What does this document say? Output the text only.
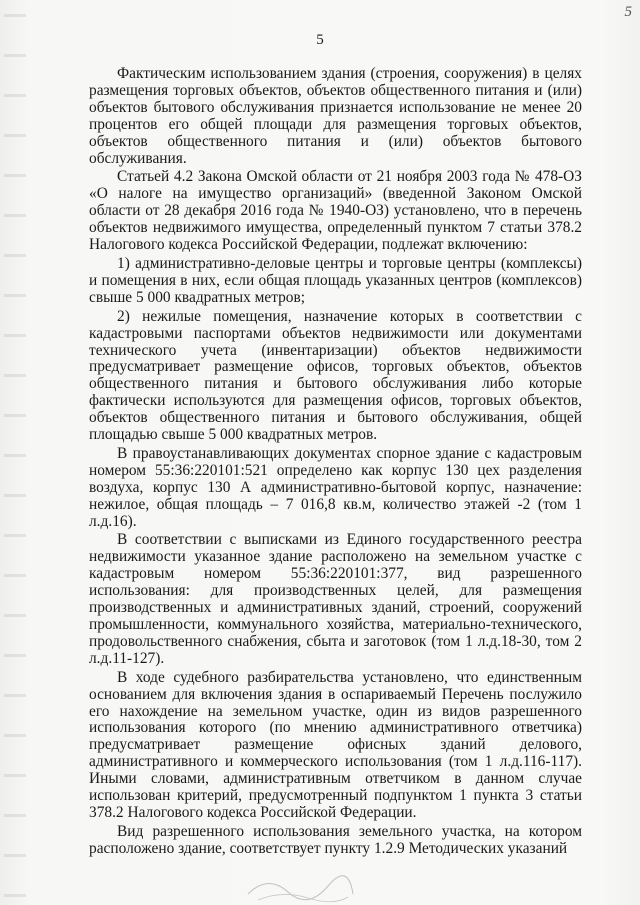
5
5

Фактическим использованием здания (строения, сооружения) в целях размещения торговых объектов, объектов общественного питания и (или) объектов бытового обслуживания признается использование не менее 20 процентов его общей площади для размещения торговых объектов, объектов общественного питания и (или) объектов бытового обслуживания.

Статьей 4.2 Закона Омской области от 21 ноября 2003 года № 478-ОЗ «О налоге на имущество организаций» (введенной Законом Омской области от 28 декабря 2016 года № 1940-ОЗ) установлено, что в перечень объектов недвижимого имущества, определенный пунктом 7 статьи 378.2 Налогового кодекса Российской Федерации, подлежат включению:

1) административно-деловые центры и торговые центры (комплексы) и помещения в них, если общая площадь указанных центров (комплексов) свыше 5 000 квадратных метров;

2) нежилые помещения, назначение которых в соответствии с кадастровыми паспортами объектов недвижимости или документами технического учета (инвентаризации) объектов недвижимости предусматривает размещение офисов, торговых объектов, объектов общественного питания и бытового обслуживания либо которые фактически используются для размещения офисов, торговых объектов, объектов общественного питания и бытового обслуживания, общей площадью свыше 5 000 квадратных метров.

В правоустанавливающих документах спорное здание с кадастровым номером 55:36:220101:521 определено как корпус 130 цех разделения воздуха, корпус 130 А административно-бытовой корпус, назначение: нежилое, общая площадь – 7 016,8 кв.м, количество этажей -2 (том 1 л.д.16).

В соответствии с выписками из Единого государственного реестра недвижимости указанное здание расположено на земельном участке с кадастровым номером 55:36:220101:377, вид разрешенного использования: для производственных целей, для размещения производственных и административных зданий, строений, сооружений промышленности, коммунального хозяйства, материально-технического, продовольственного снабжения, сбыта и заготовок (том 1 л.д.18-30, том 2 л.д.11-127).

В ходе судебного разбирательства установлено, что единственным основанием для включения здания в оспариваемый Перечень послужило его нахождение на земельном участке, один из видов разрешенного использования которого (по мнению административного ответчика) предусматривает размещение офисных зданий делового, административного и коммерческого использования (том 1 л.д.116-117). Иными словами, административным ответчиком в данном случае использован критерий, предусмотренный подпунктом 1 пункта 3 статьи 378.2 Налогового кодекса Российской Федерации.

Вид разрешенного использования земельного участка, на котором расположено здание, соответствует пункту 1.2.9 Методических указаний
